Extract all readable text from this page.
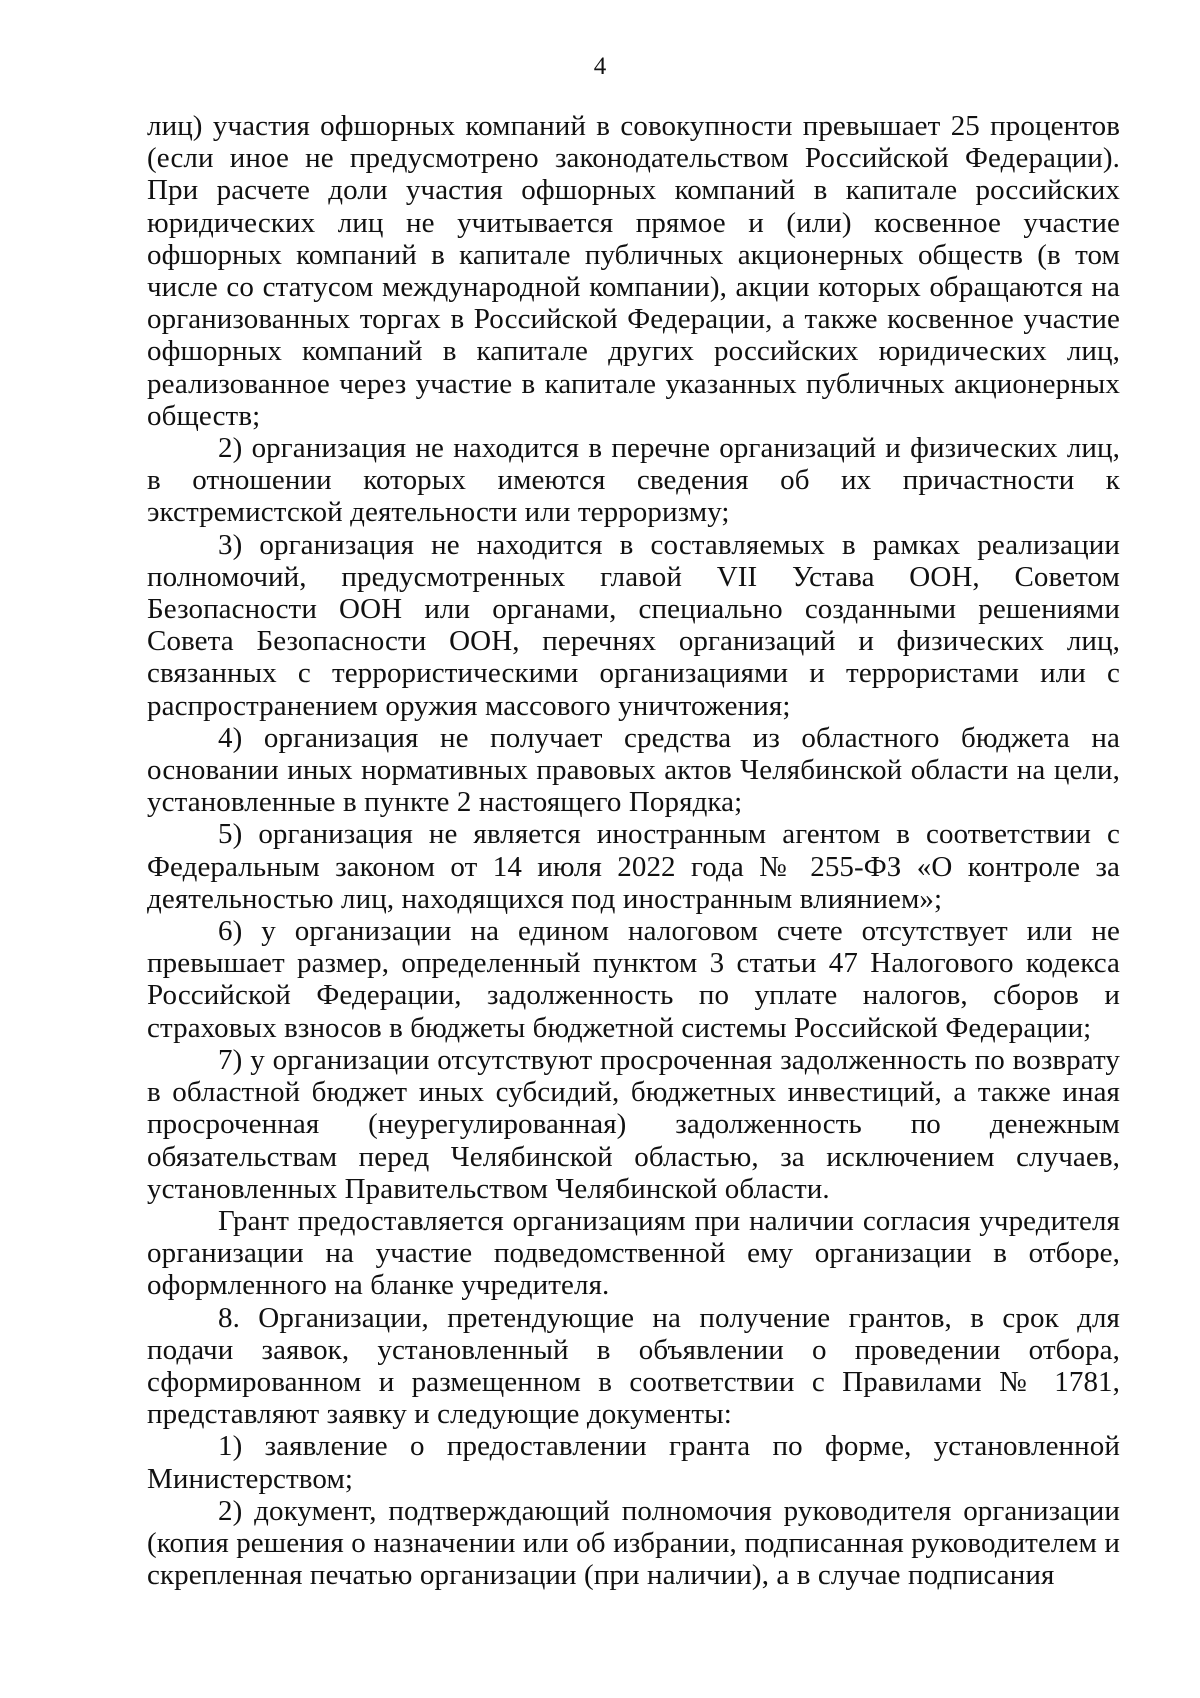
4

лиц) участия офшорных компаний в совокупности превышает 25 процентов (если иное не предусмотрено законодательством Российской Федерации). При расчете доли участия офшорных компаний в капитале российских юридических лиц не учитывается прямое и (или) косвенное участие офшорных компаний в капитале публичных акционерных обществ (в том числе со статусом международной компании), акции которых обращаются на организованных торгах в Российской Федерации, а также косвенное участие офшорных компаний в капитале других российских юридических лиц, реализованное через участие в капитале указанных публичных акционерных обществ;

2) организация не находится в перечне организаций и физических лиц, в отношении которых имеются сведения об их причастности к экстремистской деятельности или терроризму;

3) организация не находится в составляемых в рамках реализации полномочий, предусмотренных главой VII Устава ООН, Советом Безопасности ООН или органами, специально созданными решениями Совета Безопасности ООН, перечнях организаций и физических лиц, связанных с террористическими организациями и террористами или с распространением оружия массового уничтожения;

4) организация не получает средства из областного бюджета на основании иных нормативных правовых актов Челябинской области на цели, установленные в пункте 2 настоящего Порядка;

5) организация не является иностранным агентом в соответствии с Федеральным законом от 14 июля 2022 года № 255-ФЗ «О контроле за деятельностью лиц, находящихся под иностранным влиянием»;

6) у организации на едином налоговом счете отсутствует или не превышает размер, определенный пунктом 3 статьи 47 Налогового кодекса Российской Федерации, задолженность по уплате налогов, сборов и страховых взносов в бюджеты бюджетной системы Российской Федерации;

7) у организации отсутствуют просроченная задолженность по возврату в областной бюджет иных субсидий, бюджетных инвестиций, а также иная просроченная (неурегулированная) задолженность по денежным обязательствам перед Челябинской областью, за исключением случаев, установленных Правительством Челябинской области.

Грант предоставляется организациям при наличии согласия учредителя организации на участие подведомственной ему организации в отборе, оформленного на бланке учредителя.

8. Организации, претендующие на получение грантов, в срок для подачи заявок, установленный в объявлении о проведении отбора, сформированном и размещенном в соответствии с Правилами № 1781, представляют заявку и следующие документы:

1) заявление о предоставлении гранта по форме, установленной Министерством;

2) документ, подтверждающий полномочия руководителя организации (копия решения о назначении или об избрании, подписанная руководителем и скрепленная печатью организации (при наличии), а в случае подписания
